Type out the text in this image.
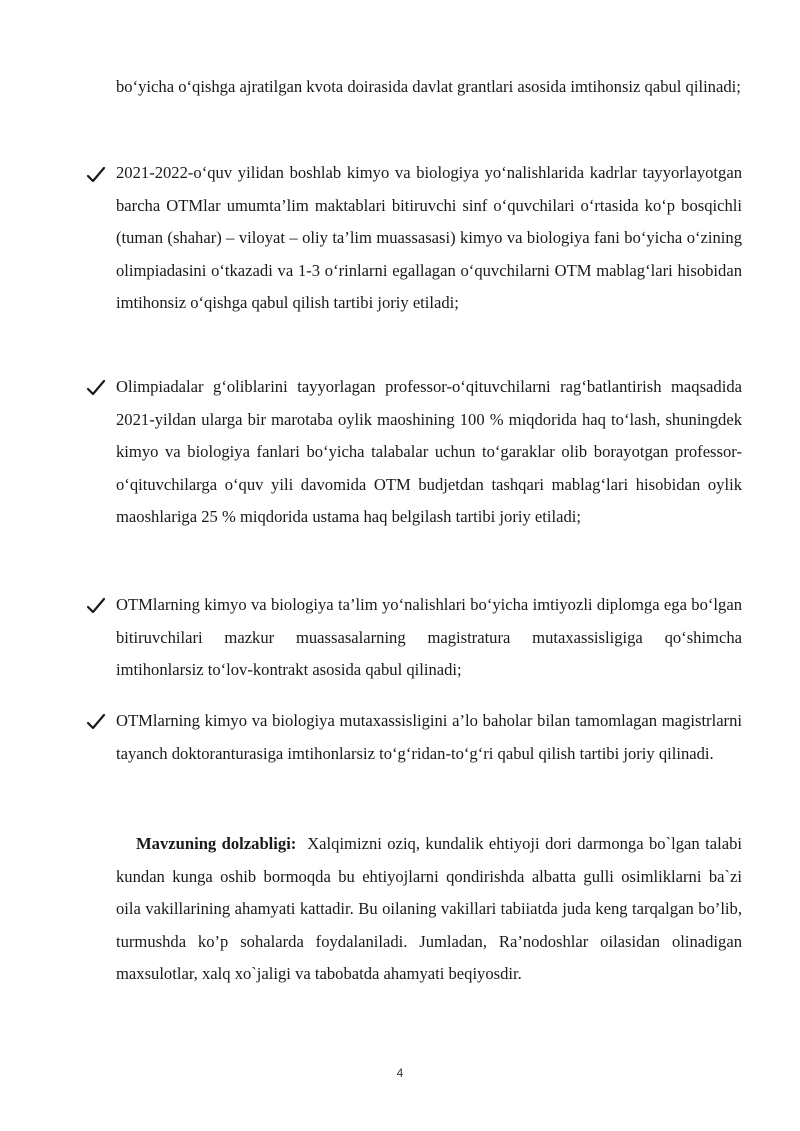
bo‘yicha o‘qishga ajratilgan kvota doirasida davlat grantlari asosida imtihonsiz qabul qilinadi;

2021-2022-o‘quv yilidan boshlab kimyo va biologiya yo‘nalishlarida kadrlar tayyorlayotgan barcha OTMlar umumta’lim maktablari bitiruvchi sinf o‘quvchilari o‘rtasida ko‘p bosqichli (tuman (shahar) – viloyat – oliy ta’lim muassasasi) kimyo va biologiya fani bo‘yicha o‘zining olimpiadasini o‘tkazadi va 1-3 o‘rinlarni egallagan o‘quvchilarni OTM mablag‘lari hisobidan imtihonsiz o‘qishga qabul qilish tartibi joriy etiladi;

Olimpiadalar g‘oliblarini tayyorlagan professor-o‘qituvchilarni rag‘batlantirish maqsadida 2021-yildan ularga bir marotaba oylik maoshining 100 % miqdorida haq to‘lash, shuningdek kimyo va biologiya fanlari bo‘yicha talabalar uchun to‘garaklar olib borayotgan professor-o‘qituvchilarga o‘quv yili davomida OTM budjetdan tashqari mablag‘lari hisobidan oylik maoshlariga 25 % miqdorida ustama haq belgilash tartibi joriy etiladi;

OTMlarning kimyo va biologiya ta’lim yo‘nalishlari bo‘yicha imtiyozli diplomga ega bo‘lgan bitiruvchilari mazkur muassasalarning magistratura mutaxassisligiga qo‘shimcha imtihonlarsiz to‘lov-kontrakt asosida qabul qilinadi;

OTMlarning kimyo va biologiya mutaxassisligini a’lo baholar bilan tamomlagan magistrlarni tayanch doktoranturasiga imtihonlarsiz to‘g‘ridan-to‘g‘ri qabul qilish tartibi joriy qilinadi.

Mavzuning dolzabligi:  Xalqimizni oziq, kundalik ehtiyoji dori darmonga bo`lgan talabi kundan kunga oshib bormoqda bu ehtiyojlarni qondirishda albatta gulli osimliklarni ba`zi   oila vakillarining ahamyati kattadir. Bu oilaning vakillari tabiiatda juda keng tarqalgan bo’lib, turmushda ko’p sohalarda foydalaniladi. Jumladan, Ra’nodoshlar oilasidan olinadigan maxsulotlar, xalq xo`jaligi va tabobatda ahamyati beqiyosdir.

4
